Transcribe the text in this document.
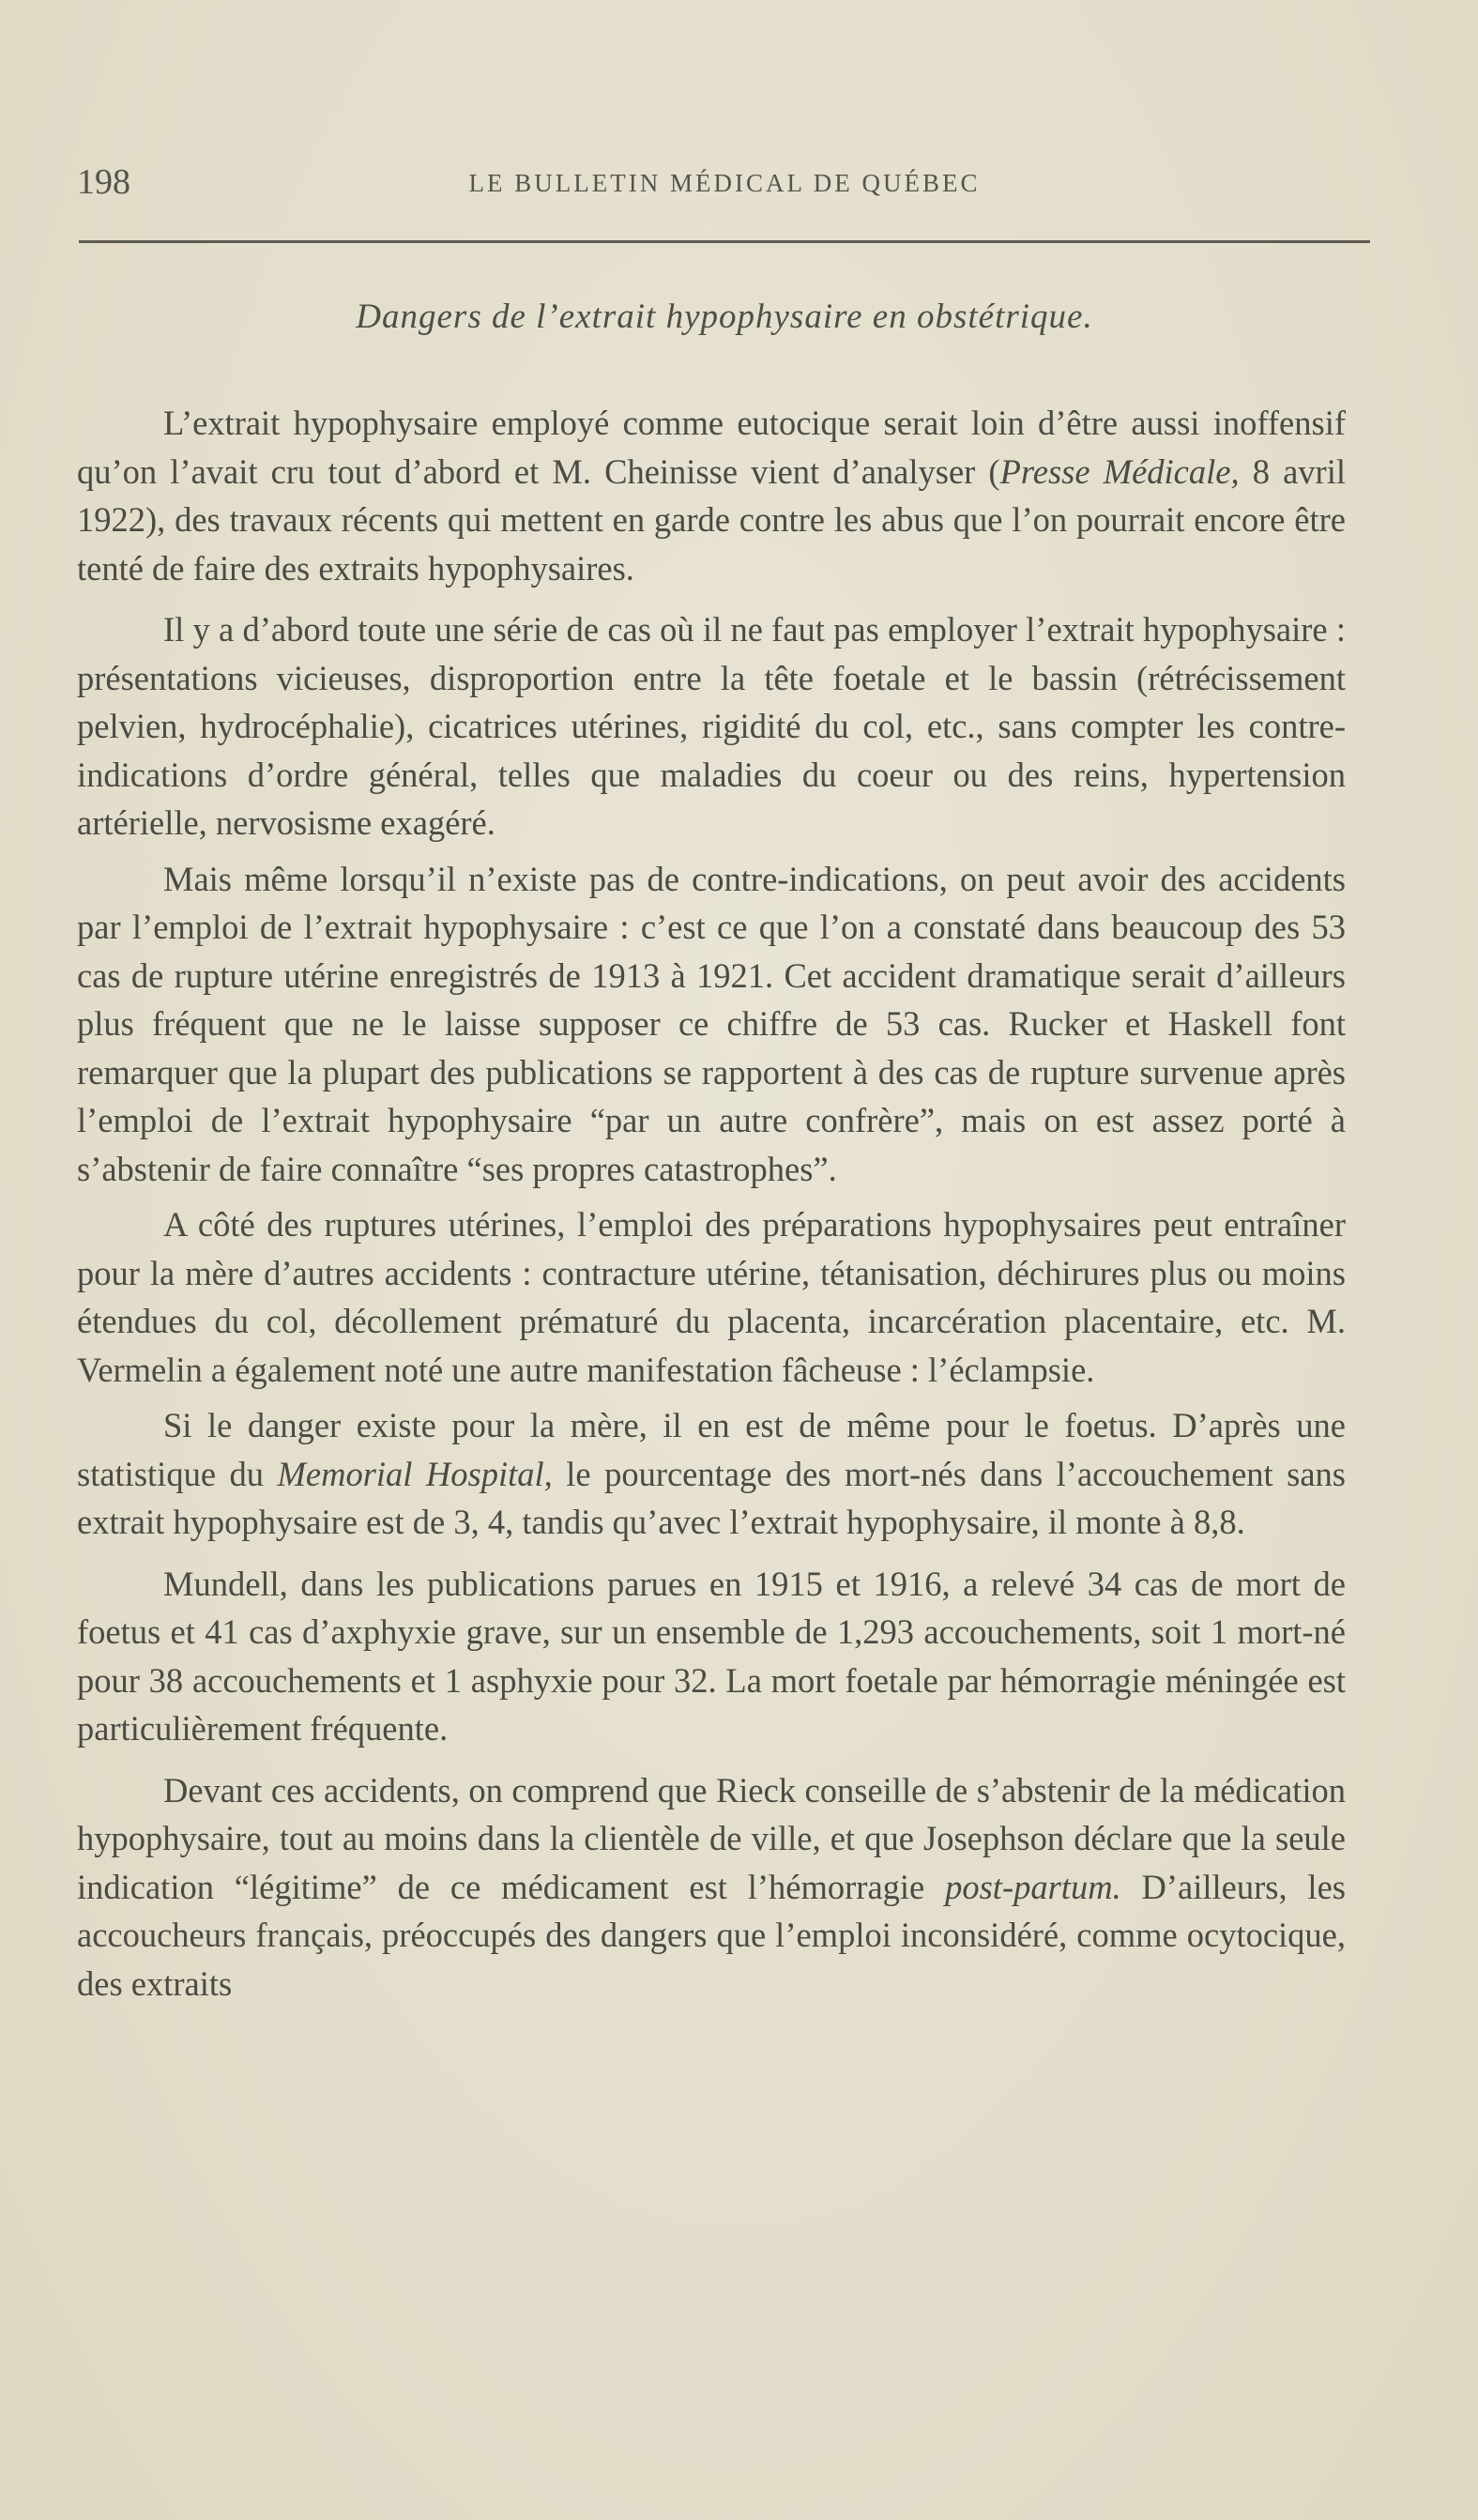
198	LE BULLETIN MÉDICAL DE QUÉBEC
Dangers de l’extrait hypophysaire en obstétrique.

L’extrait hypophysaire employé comme eutocique serait loin d’être aussi inoffensif qu’on l’avait cru tout d’abord et M. Cheinisse vient d’analyser (Presse Médicale, 8 avril 1922), des travaux récents qui mettent en garde contre les abus que l’on pourrait encore être tenté de faire des extraits hypophysaires.

Il y a d’abord toute une série de cas où il ne faut pas employer l’extrait hypophysaire : présentations vicieuses, disproportion entre la tête foetale et le bassin (rétrécissement pelvien, hydrocéphalie), cicatrices utérines, rigidité du col, etc., sans compter les contre-indications d’ordre général, telles que maladies du coeur ou des reins, hypertension artérielle, nervosisme exagéré.

Mais même lorsqu’il n’existe pas de contre-indications, on peut avoir des accidents par l’emploi de l’extrait hypophysaire : c’est ce que l’on a constaté dans beaucoup des 53 cas de rupture utérine enregistrés de 1913 à 1921. Cet accident dramatique serait d’ailleurs plus fréquent que ne le laisse supposer ce chiffre de 53 cas. Rucker et Haskell font remarquer que la plupart des publications se rapportent à des cas de rupture survenue après l’emploi de l’extrait hypophysaire “par un autre confrère”, mais on est assez porté à s’abstenir de faire connaître “ses propres catastrophes”.

A côté des ruptures utérines, l’emploi des préparations hypophysaires peut entraîner pour la mère d’autres accidents : contracture utérine, tétanisation, déchirures plus ou moins étendues du col, décollement prématuré du placenta, incarcération placentaire, etc. M. Vermelin a également noté une autre manifestation fâcheuse : l’éclampsie.

Si le danger existe pour la mère, il en est de même pour le foetus. D’après une statistique du Memorial Hospital, le pourcentage des mort-nés dans l’accouchement sans extrait hypophysaire est de 3, 4, tandis qu’avec l’extrait hypophysaire, il monte à 8,8.

Mundell, dans les publications parues en 1915 et 1916, a relevé 34 cas de mort de foetus et 41 cas d’axphyxie grave, sur un ensemble de 1,293 accouchements, soit 1 mort-né pour 38 accouchements et 1 asphyxie pour 32. La mort foetale par hémorragie méningée est particulièrement fréquente.

Devant ces accidents, on comprend que Rieck conseille de s’abstenir de la médication hypophysaire, tout au moins dans la clientèle de ville, et que Josephson déclare que la seule indication “légitime” de ce médicament est l’hémorragie post-partum. D’ailleurs, les accoucheurs français, préoccupés des dangers que l’emploi inconsidéré, comme ocytocique, des extraits
